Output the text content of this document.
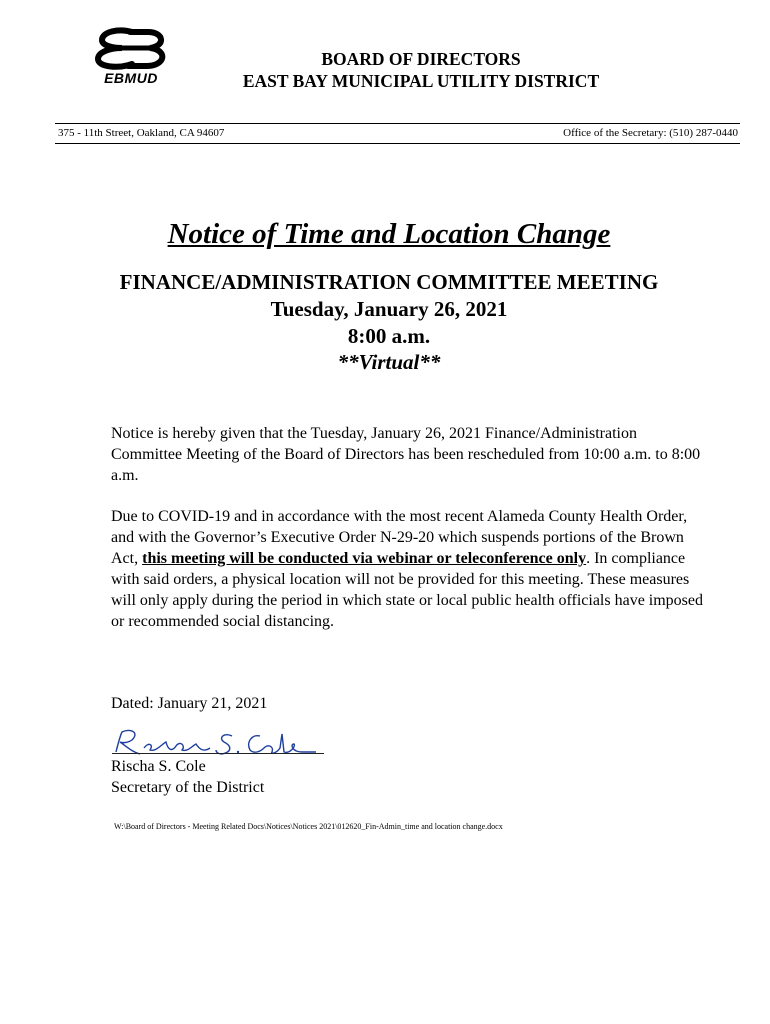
EBMUD
BOARD OF DIRECTORS
EAST BAY MUNICIPAL UTILITY DISTRICT
375 - 11th Street, Oakland, CA 94607	Office of the Secretary: (510) 287-0440
Notice of Time and Location Change
FINANCE/ADMINISTRATION COMMITTEE MEETING
Tuesday, January 26, 2021
8:00 a.m.
**Virtual**

Notice is hereby given that the Tuesday, January 26, 2021 Finance/Administration Committee Meeting of the Board of Directors has been rescheduled from 10:00 a.m. to 8:00 a.m.

Due to COVID-19 and in accordance with the most recent Alameda County Health Order, and with the Governor’s Executive Order N-29-20 which suspends portions of the Brown Act, this meeting will be conducted via webinar or teleconference only. In compliance with said orders, a physical location will not be provided for this meeting. These measures will only apply during the period in which state or local public health officials have imposed or recommended social distancing.

Dated: January 21, 2021
Rischa S. Cole
Secretary of the District
W:\Board of Directors - Meeting Related Docs\Notices\Notices 2021\012620_Fin-Admin_time and location change.docx
